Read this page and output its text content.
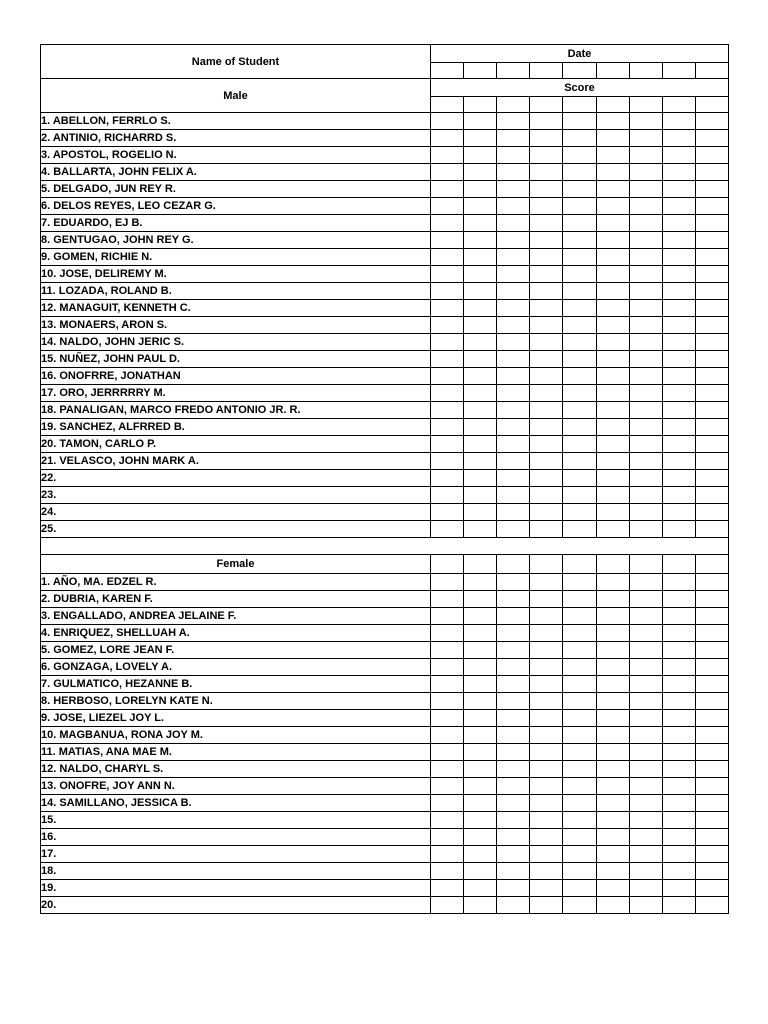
Name of Student	Date								

Male	Score								

1. ABELLON, FERRLO S.									
2. ANTINIO, RICHARRD S.									
3. APOSTOL, ROGELIO N.									
4. BALLARTA, JOHN FELIX A.									
5. DELGADO, JUN REY R.									
6. DELOS REYES, LEO CEZAR G.									
7. EDUARDO, EJ B.									
8. GENTUGAO, JOHN REY G.									
9. GOMEN, RICHIE N.									
10. JOSE, DELIREMY M.									
11. LOZADA, ROLAND B.									
12. MANAGUIT, KENNETH C.									
13. MONAERS, ARON S.									
14. NALDO, JOHN JERIC S.									
15. NUÑEZ, JOHN PAUL D.									
16. ONOFRRE, JONATHAN									
17. ORO, JERRRRRY M.									
18. PANALIGAN, MARCO FREDO ANTONIO JR. R.									
19. SANCHEZ, ALFRRED B.									
20. TAMON, CARLO P.									
21. VELASCO, JOHN MARK A.									
22.									
23.									
24.									
25.									

Female									
1. AÑO, MA. EDZEL R.									
2. DUBRIA, KAREN F.									
3. ENGALLADO, ANDREA JELAINE F.									
4. ENRIQUEZ, SHELLUAH A.									
5. GOMEZ, LORE JEAN F.									
6. GONZAGA, LOVELY A.									
7. GULMATICO, HEZANNE B.									
8. HERBOSO, LORELYN KATE N.									
9. JOSE, LIEZEL JOY L.									
10. MAGBANUA, RONA JOY M.									
11. MATIAS, ANA MAE M.									
12. NALDO, CHARYL S.									
13. ONOFRE, JOY ANN N.									
14. SAMILLANO, JESSICA B.									
15.									
16.									
17.									
18.									
19.									
20.									
